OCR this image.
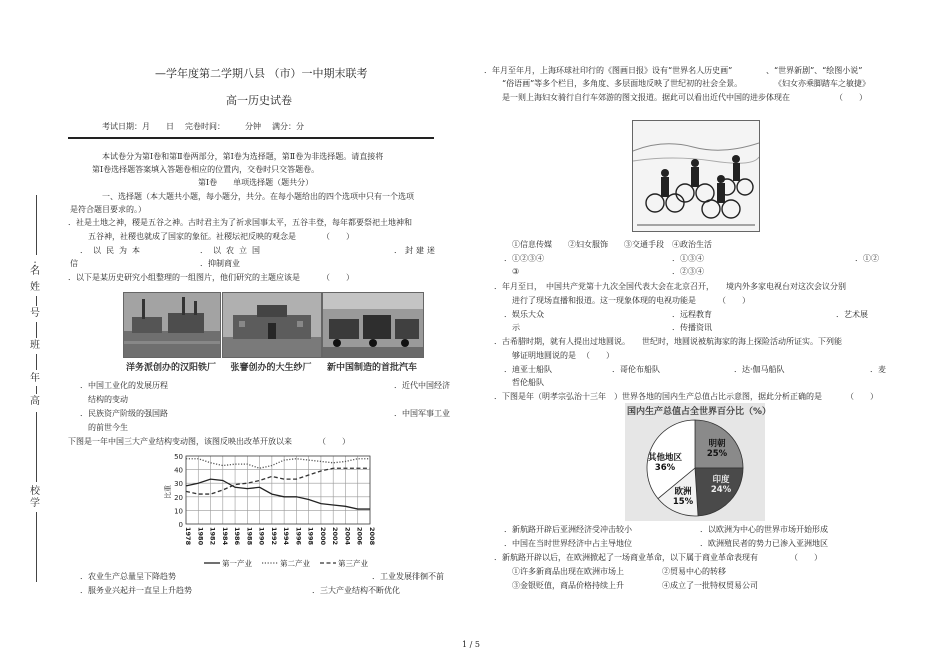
:
名
姓
号
班
年
高
校
学
—学年度第二学期八县 （市）一中期末联考
高一历史试卷
考试日期：月　　日 完卷时间：　　　分钟 满分：分
本试卷分为第Ⅰ卷和第Ⅱ卷两部分，第Ⅰ卷为选择题，第Ⅱ卷为非选择题。请直接将
第Ⅰ卷选择题答案填入答题卷相应的位置内，交卷时只交答题卷。
第Ⅰ卷　　单项选择题（题共分）
一、选择题（本大题共小题，每小题分，共分。在每小题给出的四个选项中只有一个选项
是符合题目要求的。）
．社是土地之神，稷是五谷之神。古时君主为了祈求国事太平，五谷丰登，每年都要祭祀土地神和
五谷神，社稷也就成了国家的象征。社稷坛祀反映的观念是	（　　）
．以民为本	．以农立国	．封建迷
信	．抑制商业
．以下是某历史研究小组整理的一组图片，他们研究的主题应该是	（　　）
洋务派创办的汉阳铁厂	张謇创办的大生纱厂	新中国制造的首批汽车
．中国工业化的发展历程	．近代中国经济
结构的变动
．民族资产阶级的强国路	．中国军事工业
的前世今生
下图是一年中国三大产业结构变动图，该图反映出改革开放以来	（　　）
0
10
20
30
40
50
1978 1980 1982 1984 1986 1988 1990 1992 1994 1996 1998 2000 2002 2004 2006 2008
比重
第一产业	第二产业	第三产业
．农业生产总量呈下降趋势	．工业发展徘徊不前
．服务业兴起并一直呈上升趋势	．三大产业结构不断优化
．年月至年月，上海环球社印行的《图画日报》设有“世界名人历史画”	、“世界新剧”、“绘图小说”
“俗语画”等多个栏目，多角度、多层面地反映了世纪初的社会全景。	《妇女亦乘脚踏车之敏捷》
是一则上海妇女骑行自行车郊游的图文报道。据此可以看出近代中国的进步体现在	（　　）
①信息传媒　　②妇女服饰　　③交通手段　④政治生活
．①②③④	．①③④	．①②
③	．②③④
．年月至日，　中国共产党第十九次全国代表大会在北京召开，　　境内外多家电视台对这次会议分别
进行了现场直播和报道。这一现象体现的电视功能是	（　　）
．娱乐大众	．远程教育	．艺术展
示	．传播资讯
．古希腊时期，就有人提出过地圆说。　　世纪时，地圆说被航海家的海上探险活动所证实。下列能
够证明地圆说的是 （　　）
．迪亚士船队	．哥伦布船队	．达·伽马船队	．麦
哲伦船队
．下图是年（明孝宗弘治十三年　）世界各地的国内生产总值占比示意图，据此分析正确的是	（　　）
国内生产总值占全世界百分比（%）
明朝
25%
印度
24%
欧洲
15%
其他地区
36%
．新航路开辟后亚洲经济受冲击较小	．以欧洲为中心的世界市场开始形成
．中国在当时世界经济中占主导地位	．欧洲殖民者的势力已渗入亚洲地区
．新航路开辟以后，在欧洲掀起了一场商业革命，以下属于商业革命表现有	（　　）
①许多新商品出现在欧洲市场上	②贸易中心的转移
③金银贬值，商品价格持续上升	④成立了一批特权贸易公司
1 / 5
